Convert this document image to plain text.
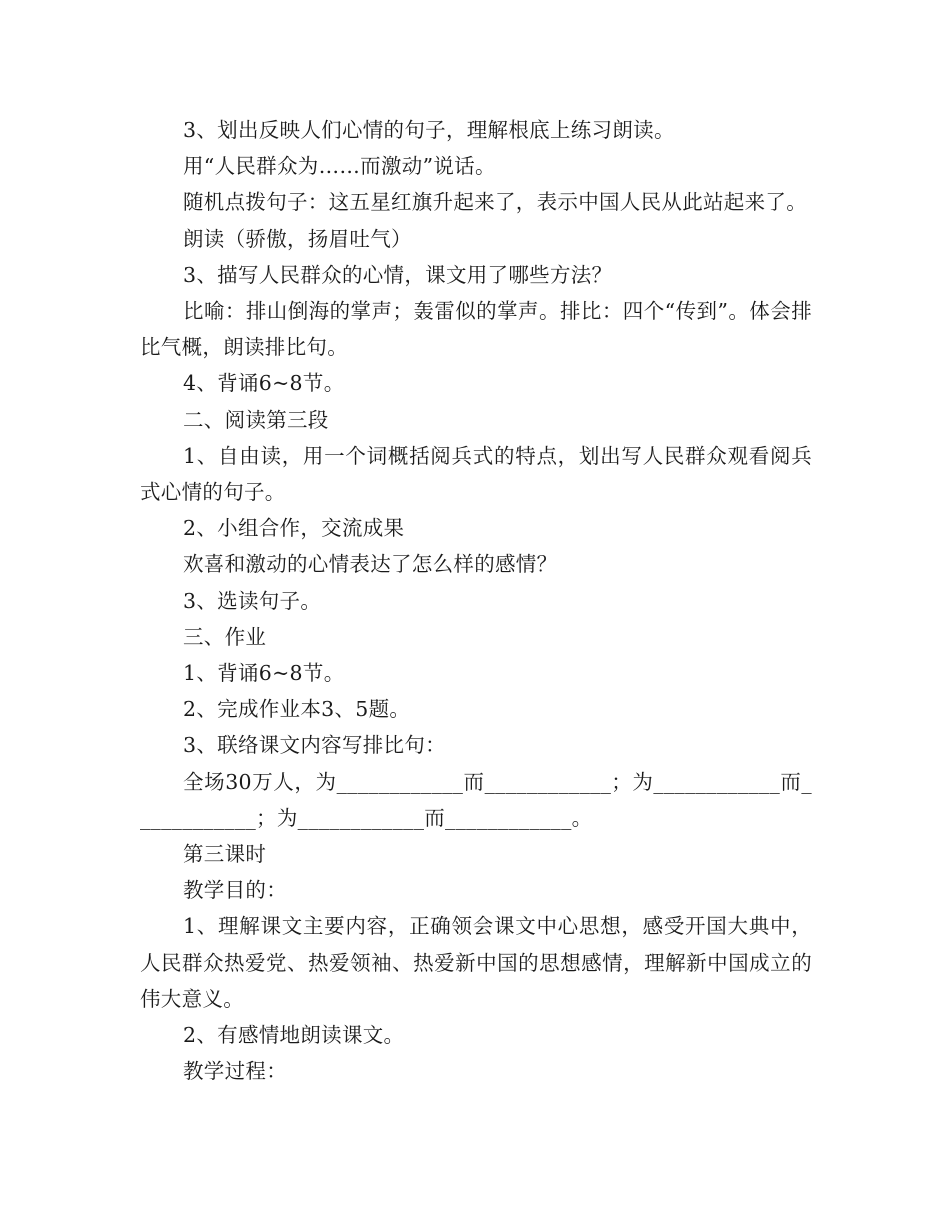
3、划出反映人们心情的句子，理解根底上练习朗读。

用“人民群众为……而激动”说话。

随机点拨句子：这五星红旗升起来了，表示中国人民从此站起来了。

朗读（骄傲，扬眉吐气）

3、描写人民群众的心情，课文用了哪些方法？

比喻：排山倒海的掌声；轰雷似的掌声。排比：四个“传到”。体会排比气概，朗读排比句。

4、背诵6~8节。

二、阅读第三段

1、自由读，用一个词概括阅兵式的特点，划出写人民群众观看阅兵式心情的句子。

2、小组合作，交流成果

欢喜和激动的心情表达了怎么样的感情？

3、选读句子。

三、作业

1、背诵6~8节。

2、完成作业本3、5题。

3、联络课文内容写排比句：

全场30万人，为____________而____________；为____________而____________；为____________而____________。

第三课时

教学目的：

1、理解课文主要内容，正确领会课文中心思想，感受开国大典中，人民群众热爱党、热爱领袖、热爱新中国的思想感情，理解新中国成立的伟大意义。

2、有感情地朗读课文。

教学过程：
